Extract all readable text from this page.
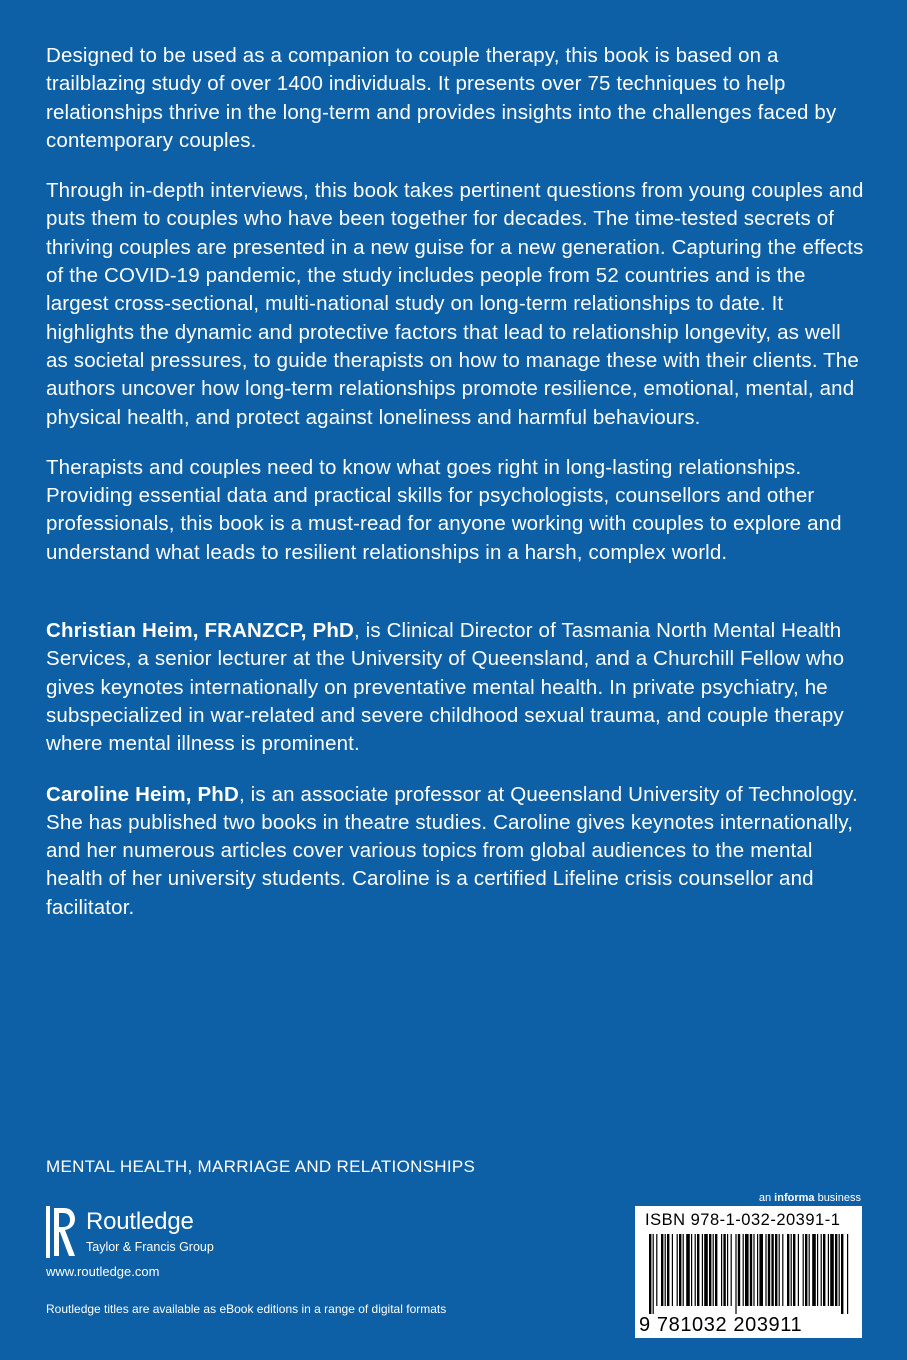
Designed to be used as a companion to couple therapy, this book is based on a trailblazing study of over 1400 individuals. It presents over 75 techniques to help relationships thrive in the long-term and provides insights into the challenges faced by contemporary couples.

Through in-depth interviews, this book takes pertinent questions from young couples and puts them to couples who have been together for decades. The time-tested secrets of thriving couples are presented in a new guise for a new generation. Capturing the effects of the COVID-19 pandemic, the study includes people from 52 countries and is the largest cross-sectional, multi-national study on long-term relationships to date. It highlights the dynamic and protective factors that lead to relationship longevity, as well as societal pressures, to guide therapists on how to manage these with their clients. The authors uncover how long-term relationships promote resilience, emotional, mental, and physical health, and protect against loneliness and harmful behaviours.

Therapists and couples need to know what goes right in long-lasting relationships. Providing essential data and practical skills for psychologists, counsellors and other professionals, this book is a must-read for anyone working with couples to explore and understand what leads to resilient relationships in a harsh, complex world.

Christian Heim, FRANZCP, PhD, is Clinical Director of Tasmania North Mental Health Services, a senior lecturer at the University of Queensland, and a Churchill Fellow who gives keynotes internationally on preventative mental health. In private psychiatry, he subspecialized in war-related and severe childhood sexual trauma, and couple therapy where mental illness is prominent.

Caroline Heim, PhD, is an associate professor at Queensland University of Technology. She has published two books in theatre studies. Caroline gives keynotes internationally, and her numerous articles cover various topics from global audiences to the mental health of her university students. Caroline is a certified Lifeline crisis counsellor and facilitator.

MENTAL HEALTH, MARRIAGE AND RELATIONSHIPS
Routledge
Taylor & Francis Group
www.routledge.com
Routledge titles are available as eBook editions in a range of digital formats
an informa business
ISBN 978-1-032-20391-1
9 781032 203911
